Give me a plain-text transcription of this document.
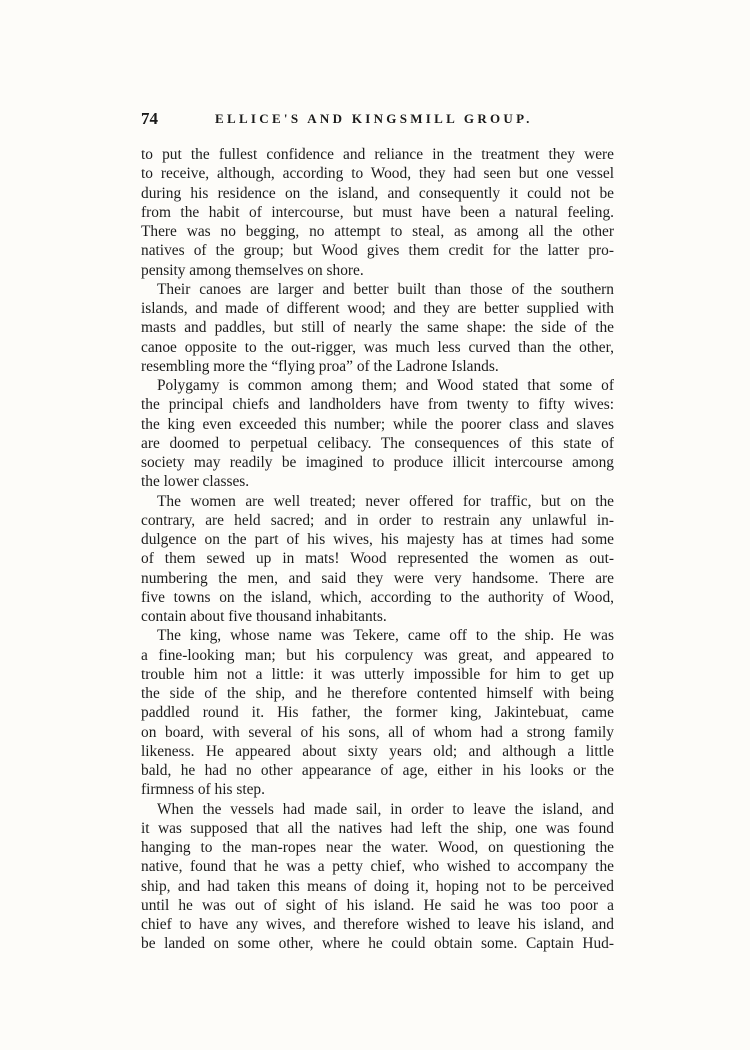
74	ELLICE'S AND KINGSMILL GROUP.
to put the fullest confidence and reliance in the treatment they were
to receive, although, according to Wood, they had seen but one vessel
during his residence on the island, and consequently it could not be
from the habit of intercourse, but must have been a natural feeling.
There was no begging, no attempt to steal, as among all the other
natives of the group; but Wood gives them credit for the latter pro-
pensity among themselves on shore.
Their canoes are larger and better built than those of the southern
islands, and made of different wood; and they are better supplied with
masts and paddles, but still of nearly the same shape: the side of the
canoe opposite to the out-rigger, was much less curved than the other,
resembling more the “flying proa” of the Ladrone Islands.
Polygamy is common among them; and Wood stated that some of
the principal chiefs and landholders have from twenty to fifty wives:
the king even exceeded this number; while the poorer class and slaves
are doomed to perpetual celibacy. The consequences of this state of
society may readily be imagined to produce illicit intercourse among
the lower classes.
The women are well treated; never offered for traffic, but on the
contrary, are held sacred; and in order to restrain any unlawful in-
dulgence on the part of his wives, his majesty has at times had some
of them sewed up in mats! Wood represented the women as out-
numbering the men, and said they were very handsome. There are
five towns on the island, which, according to the authority of Wood,
contain about five thousand inhabitants.
The king, whose name was Tekere, came off to the ship. He was
a fine-looking man; but his corpulency was great, and appeared to
trouble him not a little: it was utterly impossible for him to get up
the side of the ship, and he therefore contented himself with being
paddled round it. His father, the former king, Jakintebuat, came
on board, with several of his sons, all of whom had a strong family
likeness. He appeared about sixty years old; and although a little
bald, he had no other appearance of age, either in his looks or the
firmness of his step.
When the vessels had made sail, in order to leave the island, and
it was supposed that all the natives had left the ship, one was found
hanging to the man-ropes near the water. Wood, on questioning the
native, found that he was a petty chief, who wished to accompany the
ship, and had taken this means of doing it, hoping not to be perceived
until he was out of sight of his island. He said he was too poor a
chief to have any wives, and therefore wished to leave his island, and
be landed on some other, where he could obtain some. Captain Hud-
